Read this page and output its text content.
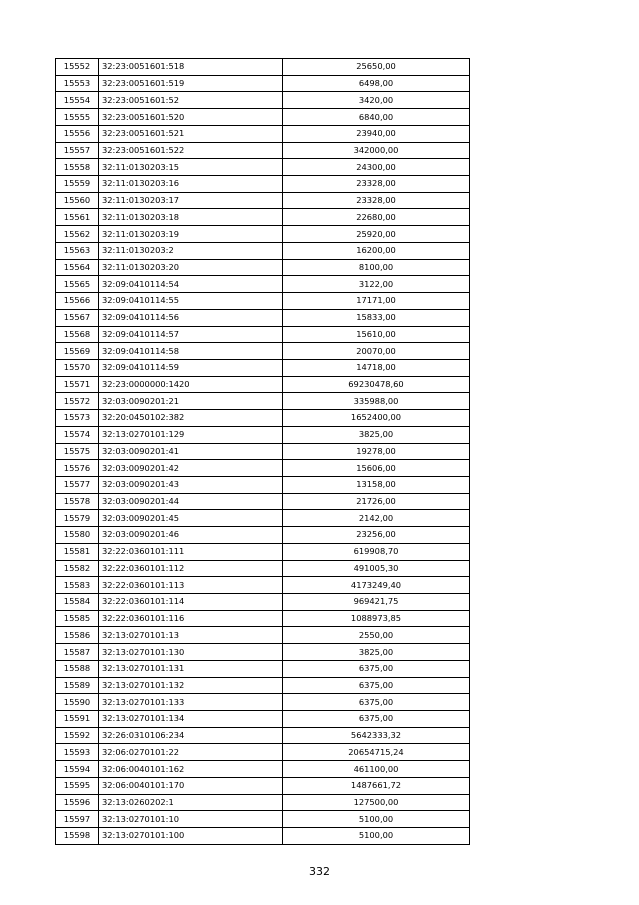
15552	32:23:0051601:518	25650,00
15553	32:23:0051601:519	6498,00
15554	32:23:0051601:52	3420,00
15555	32:23:0051601:520	6840,00
15556	32:23:0051601:521	23940,00
15557	32:23:0051601:522	342000,00
15558	32:11:0130203:15	24300,00
15559	32:11:0130203:16	23328,00
15560	32:11:0130203:17	23328,00
15561	32:11:0130203:18	22680,00
15562	32:11:0130203:19	25920,00
15563	32:11:0130203:2	16200,00
15564	32:11:0130203:20	8100,00
15565	32:09:0410114:54	3122,00
15566	32:09:0410114:55	17171,00
15567	32:09:0410114:56	15833,00
15568	32:09:0410114:57	15610,00
15569	32:09:0410114:58	20070,00
15570	32:09:0410114:59	14718,00
15571	32:23:0000000:1420	69230478,60
15572	32:03:0090201:21	335988,00
15573	32:20:0450102:382	1652400,00
15574	32:13:0270101:129	3825,00
15575	32:03:0090201:41	19278,00
15576	32:03:0090201:42	15606,00
15577	32:03:0090201:43	13158,00
15578	32:03:0090201:44	21726,00
15579	32:03:0090201:45	2142,00
15580	32:03:0090201:46	23256,00
15581	32:22:0360101:111	619908,70
15582	32:22:0360101:112	491005,30
15583	32:22:0360101:113	4173249,40
15584	32:22:0360101:114	969421,75
15585	32:22:0360101:116	1088973,85
15586	32:13:0270101:13	2550,00
15587	32:13:0270101:130	3825,00
15588	32:13:0270101:131	6375,00
15589	32:13:0270101:132	6375,00
15590	32:13:0270101:133	6375,00
15591	32:13:0270101:134	6375,00
15592	32:26:0310106:234	5642333,32
15593	32:06:0270101:22	20654715,24
15594	32:06:0040101:162	461100,00
15595	32:06:0040101:170	1487661,72
15596	32:13:0260202:1	127500,00
15597	32:13:0270101:10	5100,00
15598	32:13:0270101:100	5100,00
332
